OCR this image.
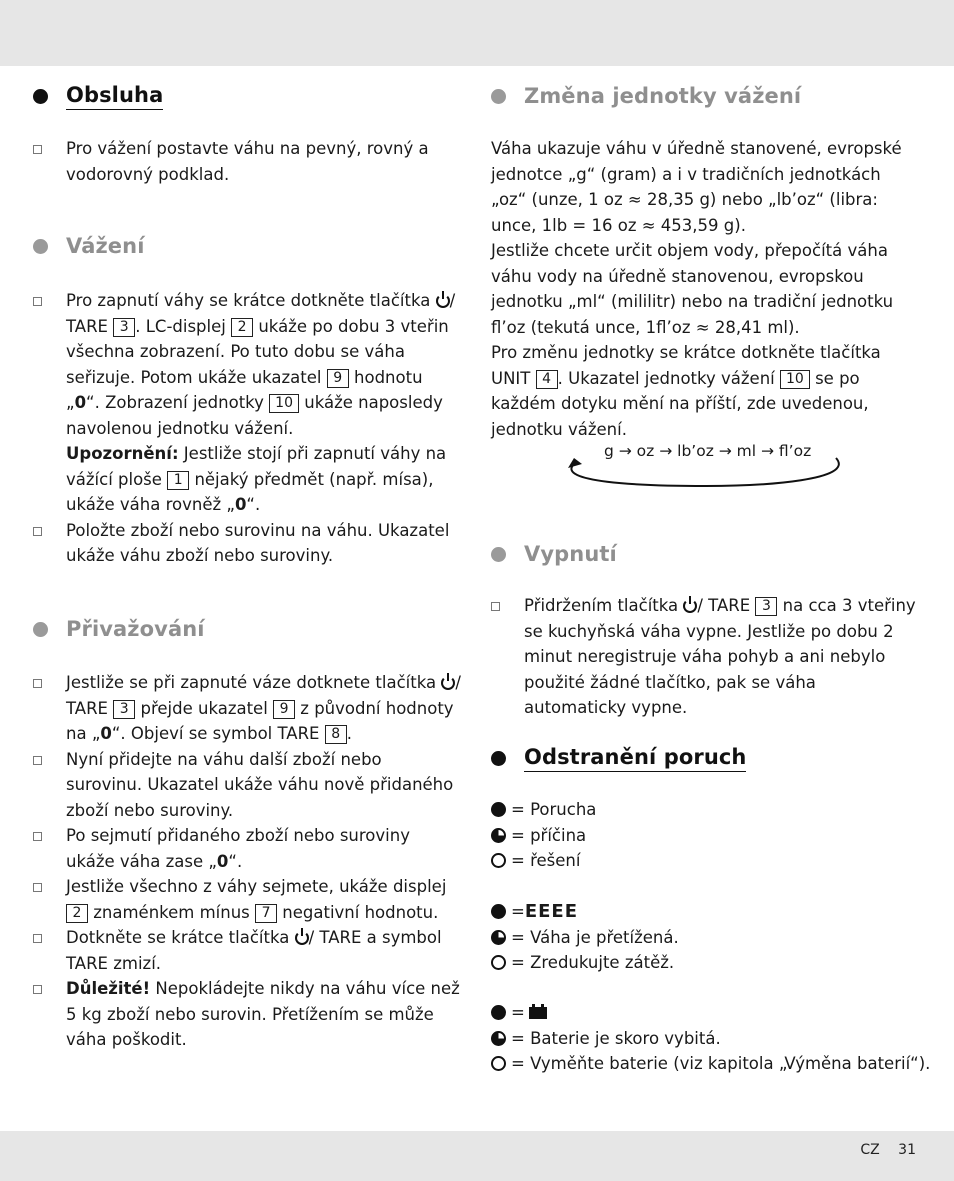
Obsluha
Pro vážení postavte váhu na pevný, rovný a vodorovný podklad.
Vážení
Pro zapnutí váhy se krátce dotkněte tlačítka / TARE 3 . LC-displej 2 ukáže po dobu 3 vteřin všechna zobrazení. Po tuto dobu se váha seřizuje. Potom ukáže ukazatel 9 hodnotu „0“. Zobrazení jednotky 10 ukáže naposledy navolenou jednotku vážení.
Upozornění: Jestliže stojí při zapnutí váhy na vážící ploše 1 nějaký předmět (např. mísa), ukáže váha rovněž „0“.
Položte zboží nebo surovinu na váhu. Ukazatel ukáže váhu zboží nebo suroviny.
Přivažování
Jestliže se při zapnuté váze dotknete tlačítka / TARE 3 přejde ukazatel 9 z původní hodnoty na „0“. Objeví se symbol TARE 8 .
Nyní přidejte na váhu další zboží nebo surovinu. Ukazatel ukáže váhu nově přidaného zboží nebo suroviny.
Po sejmutí přidaného zboží nebo suroviny ukáže váha zase „0“.
Jestliže všechno z váhy sejmete, ukáže displej 2 znaménkem mínus 7 negativní hodnotu.
Dotkněte se krátce tlačítka / TARE a symbol TARE zmizí.
Důležité! Nepokládejte nikdy na váhu více než 5 kg zboží nebo surovin. Přetížením se může váha poškodit.
Změna jednotky vážení
Váha ukazuje váhu v úředně stanovené, evropské jednotce „g“ (gram) a i v tradičních jednotkách „oz“ (unze, 1 oz ≈ 28,35 g) nebo „lb’oz“ (libra: unce, 1lb = 16 oz ≈ 453,59 g).
Jestliže chcete určit objem vody, přepočítá váha váhu vody na úředně stanovenou, evropskou jednotku „ml“ (mililitr) nebo na tradiční jednotku fl’oz (tekutá unce, 1fl’oz ≈ 28,41 ml).
Pro změnu jednotky se krátce dotkněte tlačítka UNIT 4 . Ukazatel jednotky vážení 10 se po každém dotyku mění na příští, zde uvedenou, jednotku vážení.
g → oz → lb’oz → ml → fl’oz
Vypnutí
Přidržením tlačítka / TARE 3 na cca 3 vteřiny se kuchyňská váha vypne. Jestliže po dobu 2 minut neregistruje váha pohyb a ani nebylo použité žádné tlačítko, pak se váha automaticky vypne.
Odstranění poruch
= Porucha
= příčina
= řešení
= EEEE
= Váha je přetížená.
= Zredukujte zátěž.
=
= Baterie je skoro vybitá.
= Vyměňte baterie (viz kapitola „Výměna baterií“).
CZ 31
